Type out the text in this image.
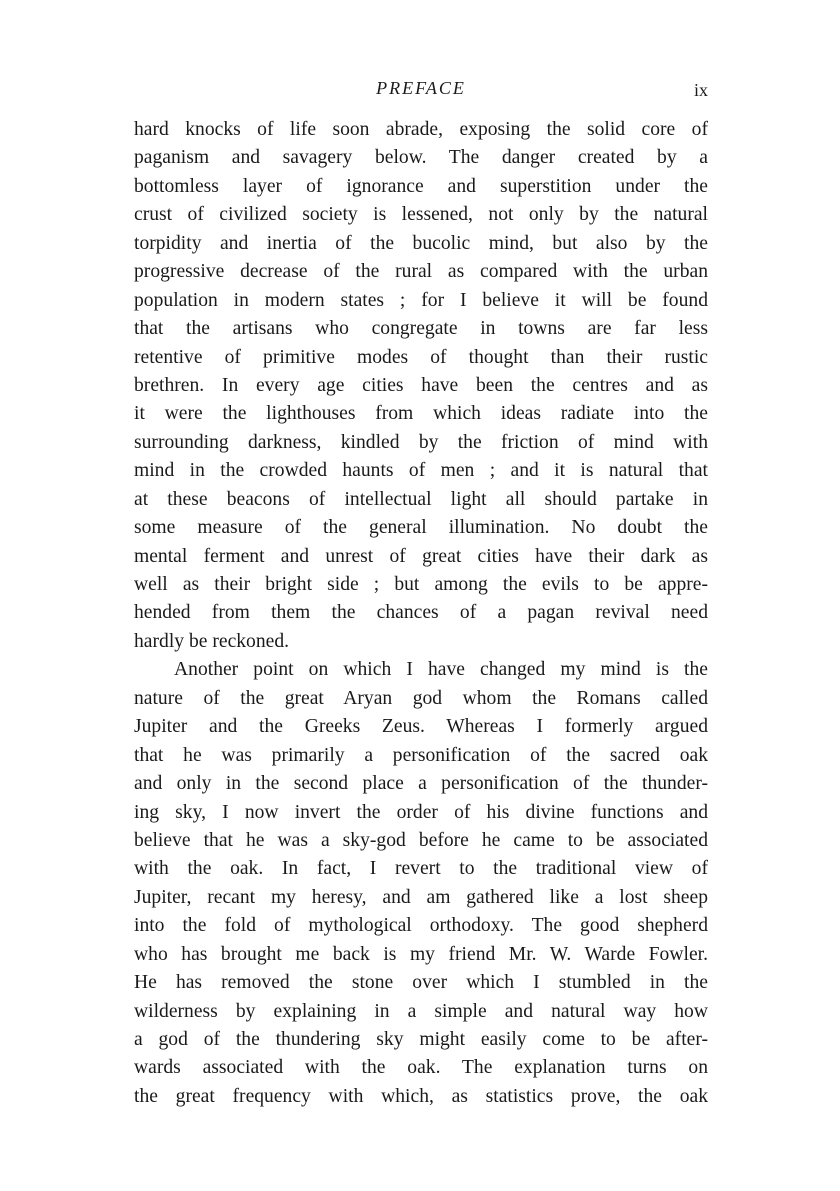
PREFACE	ix
hard knocks of life soon abrade, exposing the solid core of
paganism and savagery below. The danger created by a
bottomless layer of ignorance and superstition under the
crust of civilized society is lessened, not only by the natural
torpidity and inertia of the bucolic mind, but also by the
progressive decrease of the rural as compared with the urban
population in modern states ; for I believe it will be found
that the artisans who congregate in towns are far less
retentive of primitive modes of thought than their rustic
brethren. In every age cities have been the centres and as
it were the lighthouses from which ideas radiate into the
surrounding darkness, kindled by the friction of mind with
mind in the crowded haunts of men ; and it is natural that
at these beacons of intellectual light all should partake in
some measure of the general illumination. No doubt the
mental ferment and unrest of great cities have their dark as
well as their bright side ; but among the evils to be appre-
hended from them the chances of a pagan revival need
hardly be reckoned.
Another point on which I have changed my mind is the
nature of the great Aryan god whom the Romans called
Jupiter and the Greeks Zeus. Whereas I formerly argued
that he was primarily a personification of the sacred oak
and only in the second place a personification of the thunder-
ing sky, I now invert the order of his divine functions and
believe that he was a sky-god before he came to be associated
with the oak. In fact, I revert to the traditional view of
Jupiter, recant my heresy, and am gathered like a lost sheep
into the fold of mythological orthodoxy. The good shepherd
who has brought me back is my friend Mr. W. Warde Fowler.
He has removed the stone over which I stumbled in the
wilderness by explaining in a simple and natural way how
a god of the thundering sky might easily come to be after-
wards associated with the oak. The explanation turns on
the great frequency with which, as statistics prove, the oak
